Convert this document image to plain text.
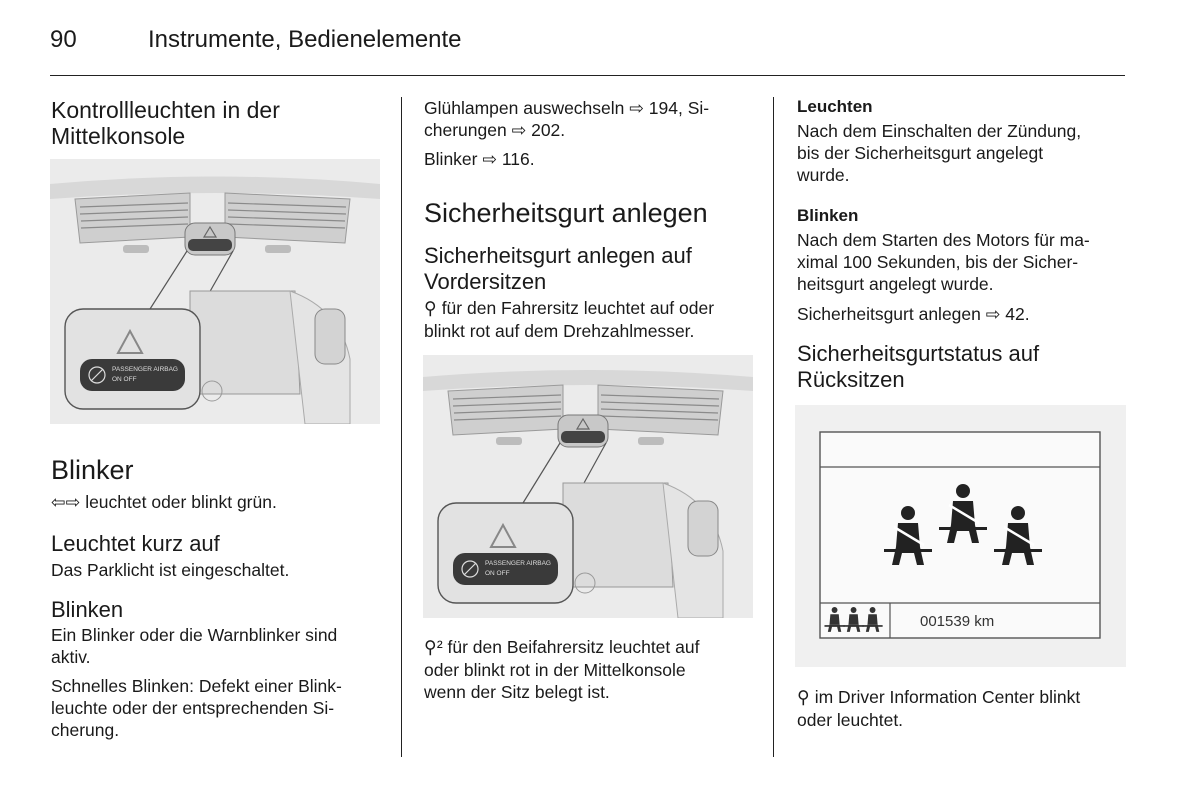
90	Instrumente, Bedienelemente
Kontrollleuchten in der
Mittelkonsole
PASSENGER AIRBAG
ON OFF
Blinker
⇦⇨ leuchtet oder blinkt grün.
Leuchtet kurz auf
Das Parklicht ist eingeschaltet.
Blinken
Ein Blinker oder die Warnblinker sind
aktiv.
Schnelles Blinken: Defekt einer Blink-
leuchte oder der entsprechenden Si-
cherung.
Glühlampen auswechseln ⇨ 194, Si-
cherungen ⇨ 202.
Blinker ⇨ 116.
Sicherheitsgurt anlegen
Sicherheitsgurt anlegen auf
Vordersitzen
⚲ für den Fahrersitz leuchtet auf oder
blinkt rot auf dem Drehzahlmesser.
PASSENGER AIRBAG
ON OFF
⚲² für den Beifahrersitz leuchtet auf
oder blinkt rot in der Mittelkonsole
wenn der Sitz belegt ist.
Leuchten
Nach dem Einschalten der Zündung,
bis der Sicherheitsgurt angelegt
wurde.
Blinken
Nach dem Starten des Motors für ma-
ximal 100 Sekunden, bis der Sicher-
heitsgurt angelegt wurde.
Sicherheitsgurt anlegen ⇨ 42.
Sicherheitsgurtstatus auf
Rücksitzen
001539 km
⚲ im Driver Information Center blinkt
oder leuchtet.
